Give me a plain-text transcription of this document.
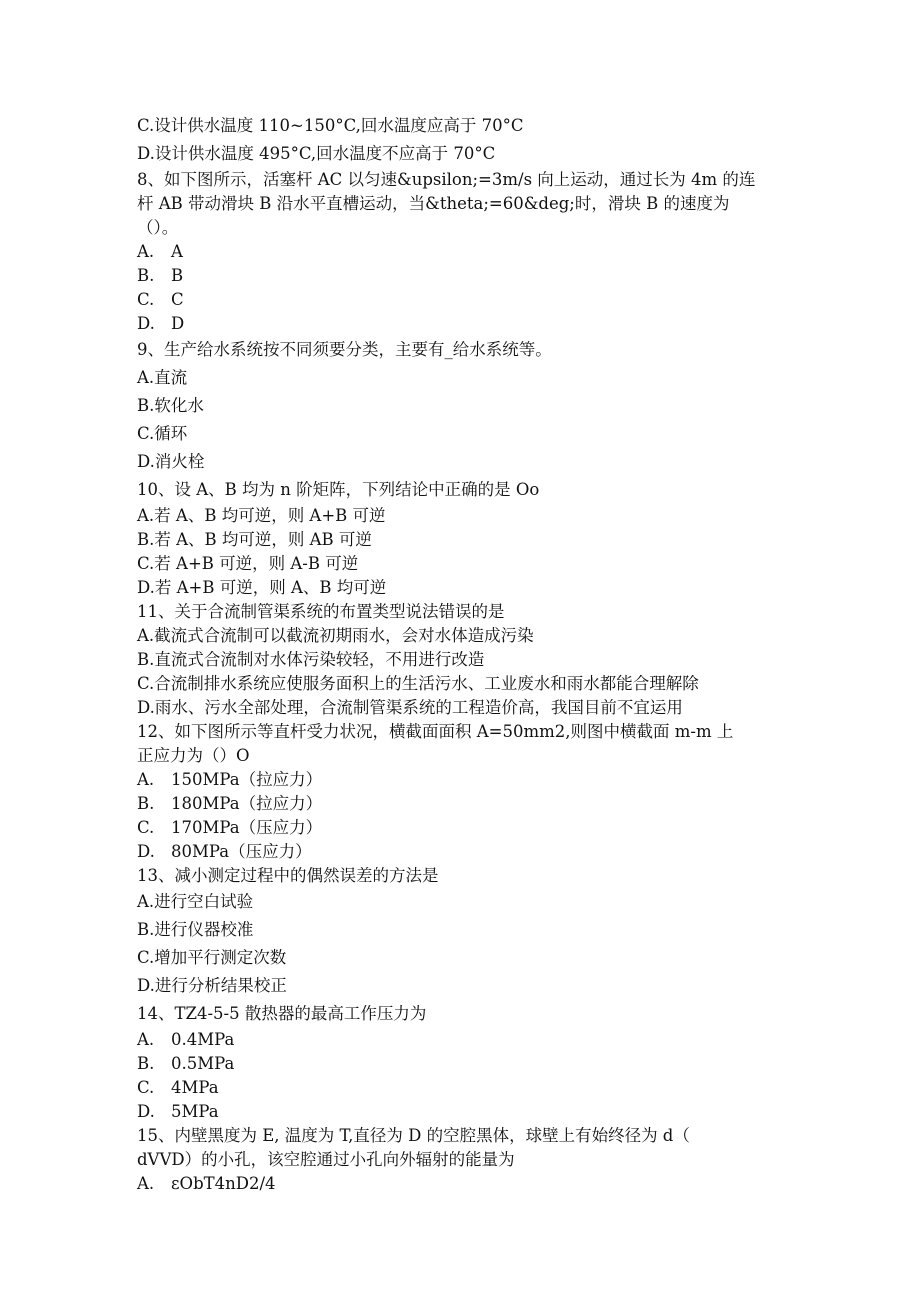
C.设计供水温度 110~150°C,回水温度应高于 70°C
D.设计供水温度 495°C,回水温度不应高于 70°C
8、如下图所示，活塞杆 AC 以匀速&upsilon;=3m/s 向上运动，通过长为 4m 的连
杆 AB 带动滑块 B 沿水平直槽运动，当&theta;=60&deg;时，滑块 B 的速度为
（）。
A. A
B. B
C. C
D. D
9、生产给水系统按不同须要分类，主要有_给水系统等。
A.直流
B.软化水
C.循环
D.消火栓
10、设 A、B 均为 n 阶矩阵，下列结论中正确的是 Oo
A.若 A、B 均可逆，则 A+B 可逆
B.若 A、B 均可逆，则 AB 可逆
C.若 A+B 可逆，则 A-B 可逆
D.若 A+B 可逆，则 A、B 均可逆
11、关于合流制管渠系统的布置类型说法错误的是
A.截流式合流制可以截流初期雨水，会对水体造成污染
B.直流式合流制对水体污染较轻，不用进行改造
C.合流制排水系统应使服务面积上的生活污水、工业废水和雨水都能合理解除
D.雨水、污水全部处理，合流制管渠系统的工程造价高，我国目前不宜运用
12、如下图所示等直杆受力状况，横截面面积 A=50mm2,则图中横截面 m-m 上
正应力为（）O
A. 150MPa（拉应力）
B. 180MPa（拉应力）
C. 170MPa（压应力）
D. 80MPa（压应力）
13、减小测定过程中的偶然误差的方法是
A.进行空白试验
B.进行仪器校准
C.增加平行测定次数
D.进行分析结果校正
14、TZ4-5-5 散热器的最高工作压力为
A. 0.4MPa
B. 0.5MPa
C. 4MPa
D. 5MPa
15、内壁黑度为 E, 温度为 T,直径为 D 的空腔黑体，球壁上有始终径为 d（
dVVD）的小孔，该空腔通过小孔向外辐射的能量为
A. εObT4nD2/4
